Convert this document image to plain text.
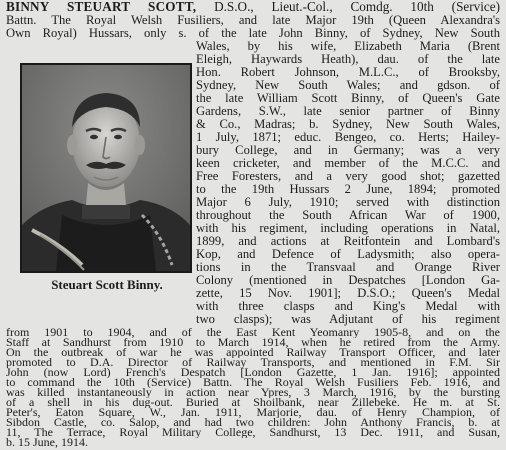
BINNY STEUART SCOTT, D.S.O., Lieut.-Col., Comdg. 10th (Service)
Battn. The Royal Welsh Fusiliers, and late Major 19th (Queen Alexandra's
Own Royal) Hussars, only s. of the late John Binny, of Sydney, New South
Steuart Scott Binny.
Wales, by his wife, Elizabeth Maria (Brent
Eleigh, Haywards Heath), dau. of the late
Hon. Robert Johnson, M.L.C., of Brooksby,
Sydney, New South Wales; and gdson. of
the late William Scott Binny, of Queen's Gate
Gardens, S.W., late senior partner of Binny
& Co., Madras; b. Sydney, New South Wales,
1 July, 1871; educ. Bengeo, co. Herts; Hailey-
bury College, and in Germany; was a very
keen cricketer, and member of the M.C.C. and
Free Foresters, and a very good shot; gazetted
to the 19th Hussars 2 June, 1894; promoted
Major 6 July, 1910; served with distinction
throughout the South African War of 1900,
with his regiment, including operations in Natal,
1899, and actions at Reitfontein and Lombard's
Kop, and Defence of Ladysmith; also opera-
tions in the Transvaal and Orange River
Colony (mentioned in Despatches [London Ga-
zette, 15 Nov. 1901]; D.S.O.; Queen's Medal
with three clasps and King's Medal with
two clasps); was Adjutant of his regiment
from 1901 to 1904, and of the East Kent Yeomanry 1905-8, and on the
Staff at Sandhurst from 1910 to March 1914, when he retired from the Army.
On the outbreak of war he was appointed Railway Transport Officer, and later
promoted to D.A. Director of Railway Transports, and mentioned in F.M. Sir
John (now Lord) French's Despatch [London Gazette, 1 Jan. 1916]; appointed
to command the 10th (Service) Battn. The Royal Welsh Fusiliers Feb. 1916, and
was killed instantaneously in action near Ypres, 3 March, 1916, by the bursting
of a shell in his dug-out. Buried at Shoilbank, near Zillebeke. He m. at St.
Peter's, Eaton Square, W., Jan. 1911, Marjorie, dau. of Henry Champion, of
Sibdon Castle, co. Salop, and had two children: John Anthony Francis, b. at
11, The Terrace, Royal Military College, Sandhurst, 13 Dec. 1911, and Susan,
b. 15 June, 1914.
